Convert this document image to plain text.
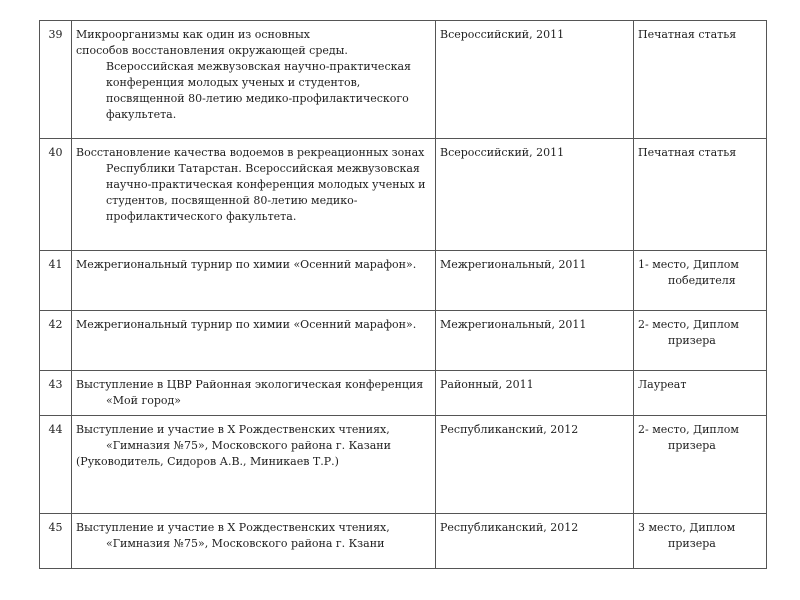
39	Микроорганизмы как один из основных
способов восстановления окружающей среды.
Всероссийская межвузовская научно-практическая конференция молодых ученых и студентов, посвященной 80-летию медико-профилактического факультета.	Всероссийский, 2011	Печатная статья

40	Восстановление качества водоемов в рекреационных зонах Республики Татарстан. Всероссийская межвузовская научно-практическая конференция молодых ученых и студентов, посвященной 80-летию медико-профилактического факультета.	Всероссийский, 2011	Печатная статья

41	Межрегиональный турнир по химии «Осенний марафон».	Межрегиональный, 2011	1- место, Диплом победителя

42	Межрегиональный турнир по химии «Осенний марафон».	Межрегиональный, 2011	2- место, Диплом призера

43	Выступление в ЦВР Районная экологическая конференция «Мой город»	Районный, 2011	Лауреат

44	Выступление и участие в X Рождественских чтениях, «Гимназия №75», Московского района г. Казани
(Руководитель, Сидоров А.В., Миникаев Т.Р.)	Республиканский, 2012	2- место, Диплом призера

45	Выступление и участие в X Рождественских чтениях, «Гимназия №75», Московского района г. Кзани	Республиканский, 2012	3 место, Диплом призера
